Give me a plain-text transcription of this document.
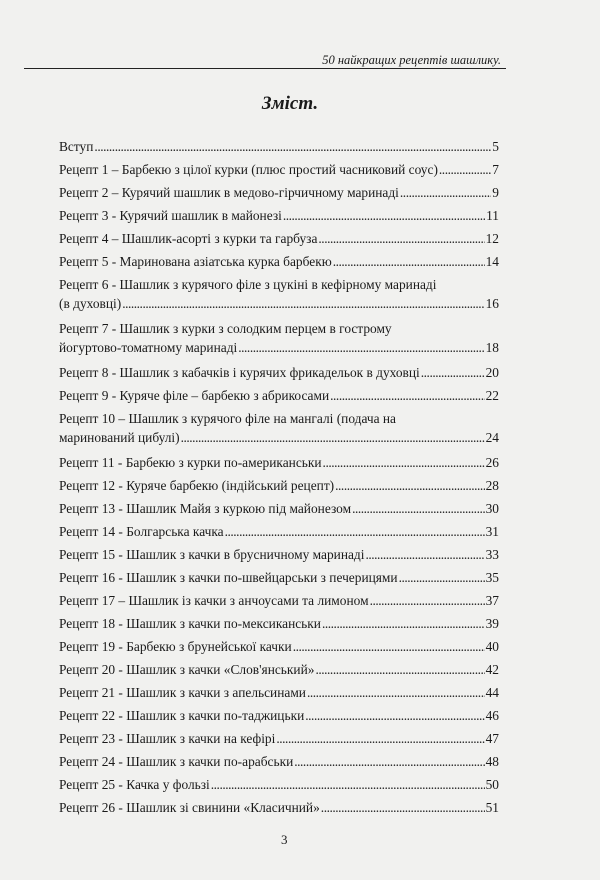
50 найкращих рецептів шашлику.
Зміст.
Вступ . . .	5
Рецепт 1 – Барбекю з цілої курки (плюс простий часниковий соус) . . .	7
Рецепт 2 – Курячий шашлик в медово-гірчичному маринаді . . .	9
Рецепт 3 - Курячий шашлик в майонезі . . .	11
Рецепт 4 – Шашлик-асорті з курки та гарбуза . . .	12
Рецепт 5 - Маринована азіатська курка барбекю . . .	14
Рецепт 6 - Шашлик з курячого філе з цукіні в кефірному маринаді
(в духовці) . . .	16
Рецепт 7 - Шашлик з курки з солодким перцем в гострому
йогуртово-томатному маринаді . . .	18
Рецепт 8 - Шашлик з кабачків і курячих фрикадельок в духовці . . .	20
Рецепт 9 - Куряче філе – барбекю з абрикосами . . .	22
Рецепт 10 – Шашлик з курячого філе на мангалі (подача на
маринований цибулі) . . .	24
Рецепт 11 - Барбекю з курки по-американськи . . .	26
Рецепт 12 - Куряче барбекю (індійський рецепт) . . .	28
Рецепт 13 - Шашлик Майя з куркою під майонезом . . .	30
Рецепт 14 - Болгарська качка . . .	31
Рецепт 15 - Шашлик з качки в брусничному маринаді . . .	33
Рецепт 16 - Шашлик з качки по-швейцарськи з печерицями . . .	35
Рецепт 17 – Шашлик із качки з анчоусами та лимоном . . .	37
Рецепт 18 - Шашлик з качки по-мексиканськи . . .	39
Рецепт 19 - Барбекю з брунейської качки . . .	40
Рецепт 20 - Шашлик з качки «Слов'янський» . . .	42
Рецепт 21 - Шашлик з качки з апельсинами . . .	44
Рецепт 22 - Шашлик з качки по-таджицьки . . .	46
Рецепт 23 - Шашлик з качки на кефірі . . .	47
Рецепт 24 - Шашлик з качки по-арабськи . . .	48
Рецепт 25 - Качка у фользі . . .	50
Рецепт 26 - Шашлик зі свинини «Класичний» . . .	51
3
